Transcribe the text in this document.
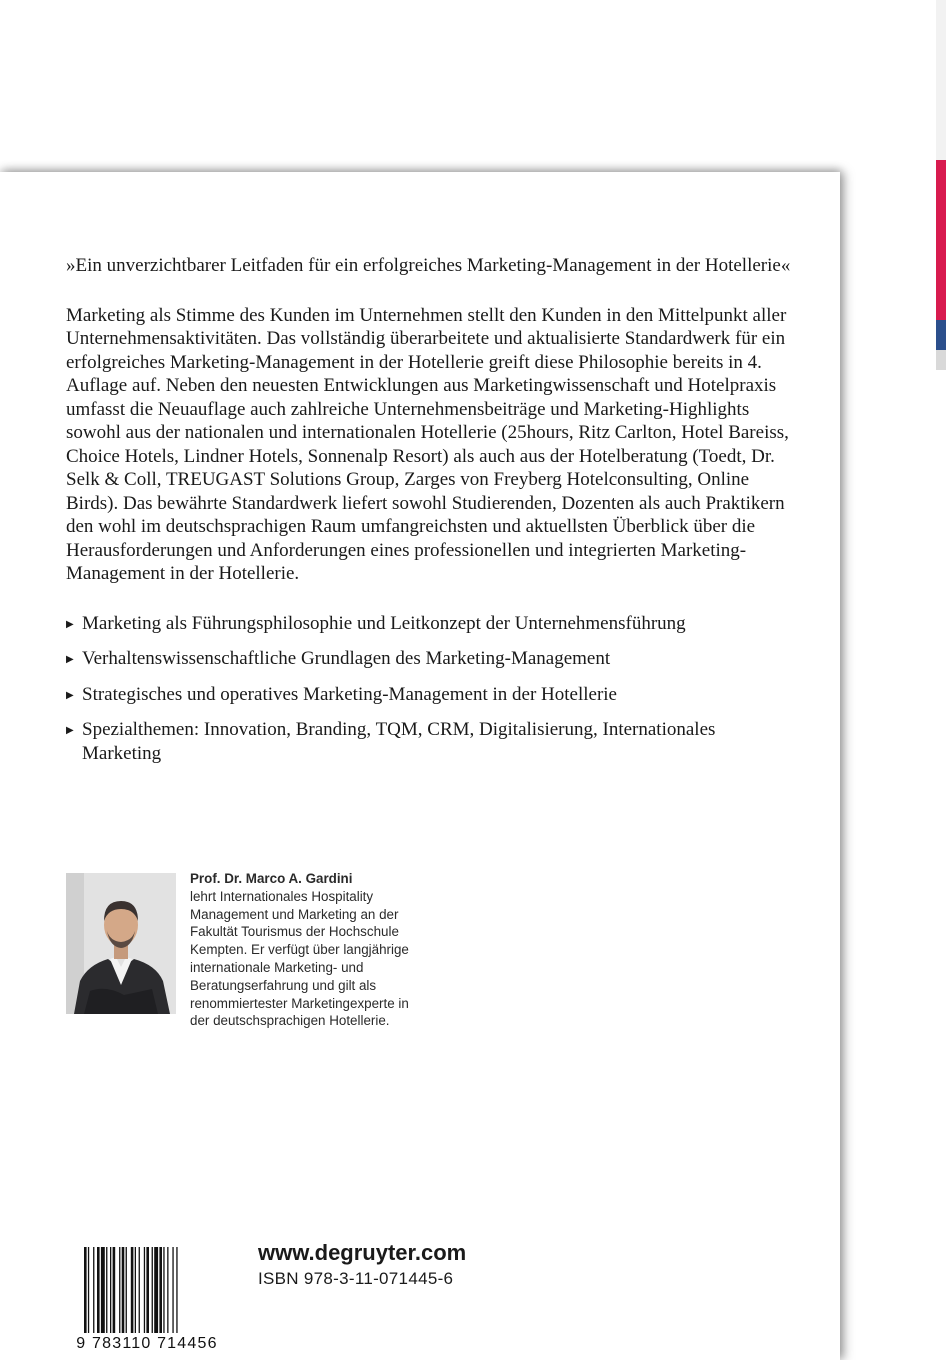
»Ein unverzichtbarer Leitfaden für ein erfolgreiches Marketing-Management in der Hotellerie«

Marketing als Stimme des Kunden im Unternehmen stellt den Kunden in den Mittelpunkt aller Unternehmensaktivitäten. Das vollständig überarbeitete und aktualisierte Standardwerk für ein erfolgreiches Marketing-Management in der Hotellerie greift diese Philosophie bereits in 4. Auflage auf. Neben den neuesten Entwicklungen aus Marketingwissenschaft und Hotelpraxis umfasst die Neuauflage auch zahlreiche Unternehmensbeiträge und Marketing-Highlights sowohl aus der nationalen und internationalen Hotellerie (25hours, Ritz Carlton, Hotel Bareiss, Choice Hotels, Lindner Hotels, Sonnenalp Resort) als auch aus der Hotelberatung (Toedt, Dr. Selk & Coll, TREUGAST Solutions Group, Zarges von Freyberg Hotelconsulting, Online Birds). Das bewährte Standardwerk liefert sowohl Studierenden, Dozenten als auch Praktikern den wohl im deutschsprachigen Raum umfangreichsten und aktuellsten Überblick über die Herausforderungen und Anforderungen eines professionellen und integrierten Marketing-Management in der Hotellerie.

▶ Marketing als Führungsphilosophie und Leitkonzept der Unternehmensführung
▶ Verhaltenswissenschaftliche Grundlagen des Marketing-Management
▶ Strategisches und operatives Marketing-Management in der Hotellerie
▶ Spezialthemen: Innovation, Branding, TQM, CRM, Digitalisierung, Internationales Marketing
Prof. Dr. Marco A. Gardini
lehrt Internationales Hospitality Management und Marketing an der Fakultät Tourismus der Hochschule Kempten. Er verfügt über langjährige internationale Marketing- und Beratungserfahrung und gilt als renommiertester Marketingexperte in der deutschsprachigen Hotellerie.
9 783110 714456
www.degruyter.com
ISBN 978-3-11-071445-6
